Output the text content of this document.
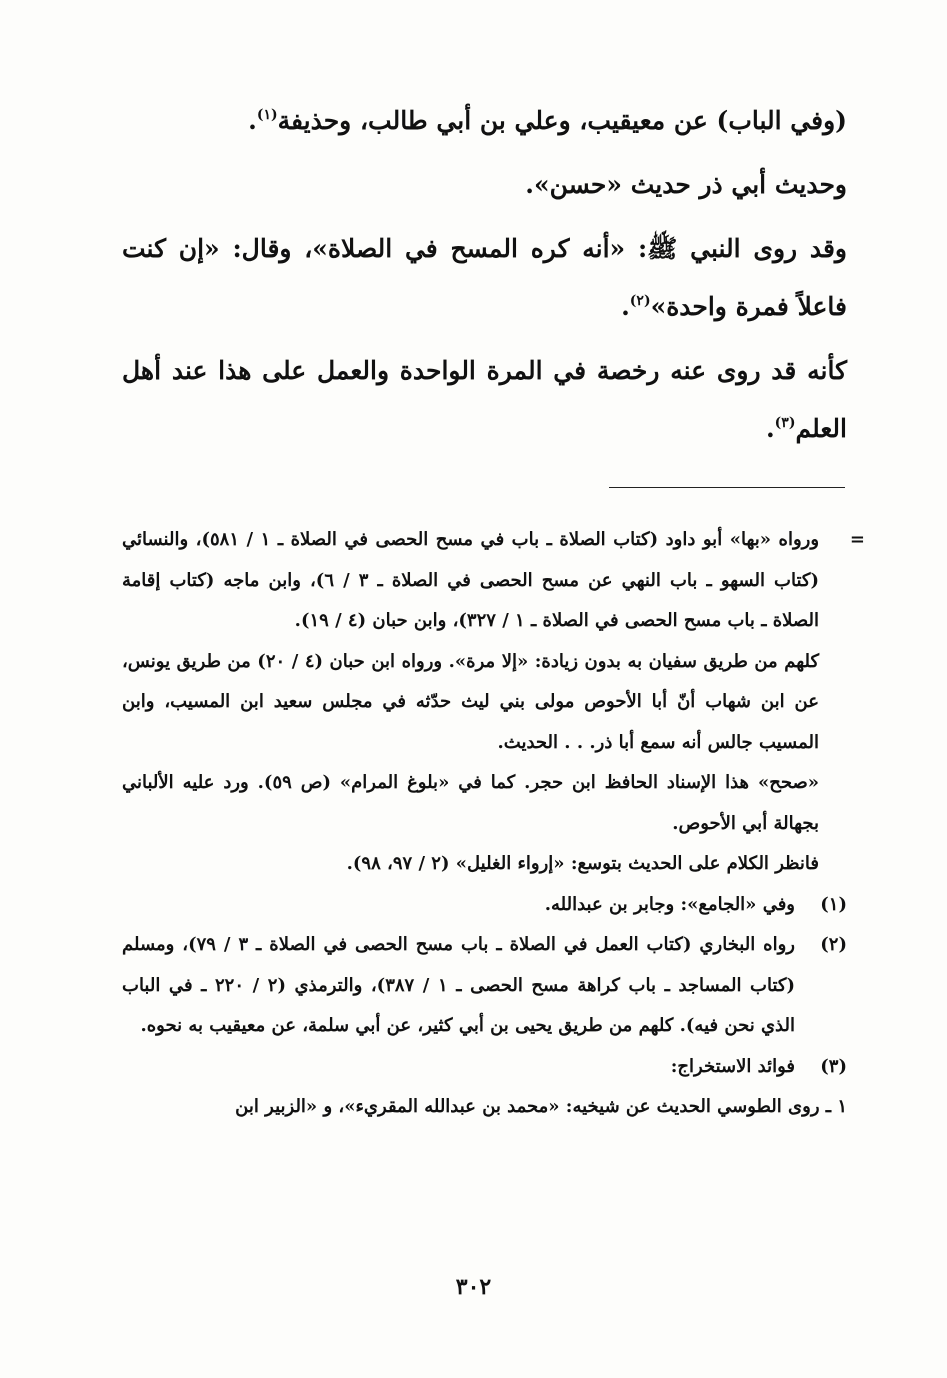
(وفي الباب) عن معيقيب، وعلي بن أبي طالب، وحذيفة$^{(١)}$.

وحديث أبي ذر حديث «حسن».

وقد روى النبي ﷺ: «أنه كره المسح في الصلاة»، وقال: «إن كنت فاعلاً فمرة واحدة»$^{(٢)}$.

كأنه قد روى عنه رخصة في المرة الواحدة والعمل على هذا عند أهل العلم$^{(٣)}$.

=
ورواه «بها» أبو داود (كتاب الصلاة ـ باب في مسح الحصى في الصلاة ـ ١ / ٥٨١)، والنسائي (كتاب السهو ـ باب النهي عن مسح الحصى في الصلاة ـ ٣ / ٦)، وابن ماجه (كتاب إقامة الصلاة ـ باب مسح الحصى في الصلاة ـ ١ / ٣٢٧)، وابن حبان (٤ / ١٩).

كلهم من طريق سفيان به بدون زيادة: «إلا مرة». ورواه ابن حبان (٤ / ٢٠) من طريق يونس، عن ابن شهاب أنّ أبا الأحوص مولى بني ليث حدّثه في مجلس سعيد ابن المسيب، وابن المسيب جالس أنه سمع أبا ذر. . . الحديث.

«صحح» هذا الإسناد الحافظ ابن حجر. كما في «بلوغ المرام» (ص ٥٩). ورد عليه الألباني بجهالة أبي الأحوص.

فانظر الكلام على الحديث بتوسع: «إرواء الغليل» (٢ / ٩٧، ٩٨).

(١)
وفي «الجامع»: وجابر بن عبدالله.

(٢)
رواه البخاري (كتاب العمل في الصلاة ـ باب مسح الحصى في الصلاة ـ ٣ / ٧٩)، ومسلم (كتاب المساجد ـ باب كراهة مسح الحصى ـ ١ / ٣٨٧)، والترمذي (٢ / ٢٢٠ ـ في الباب الذي نحن فيه). كلهم من طريق يحيى بن أبي كثير، عن أبي سلمة، عن معيقيب به نحوه.

(٣)
فوائد الاستخراج:

١ ـ روى الطوسي الحديث عن شيخيه: «محمد بن عبدالله المقريء»، و «الزبير ابن

٣٠٢
